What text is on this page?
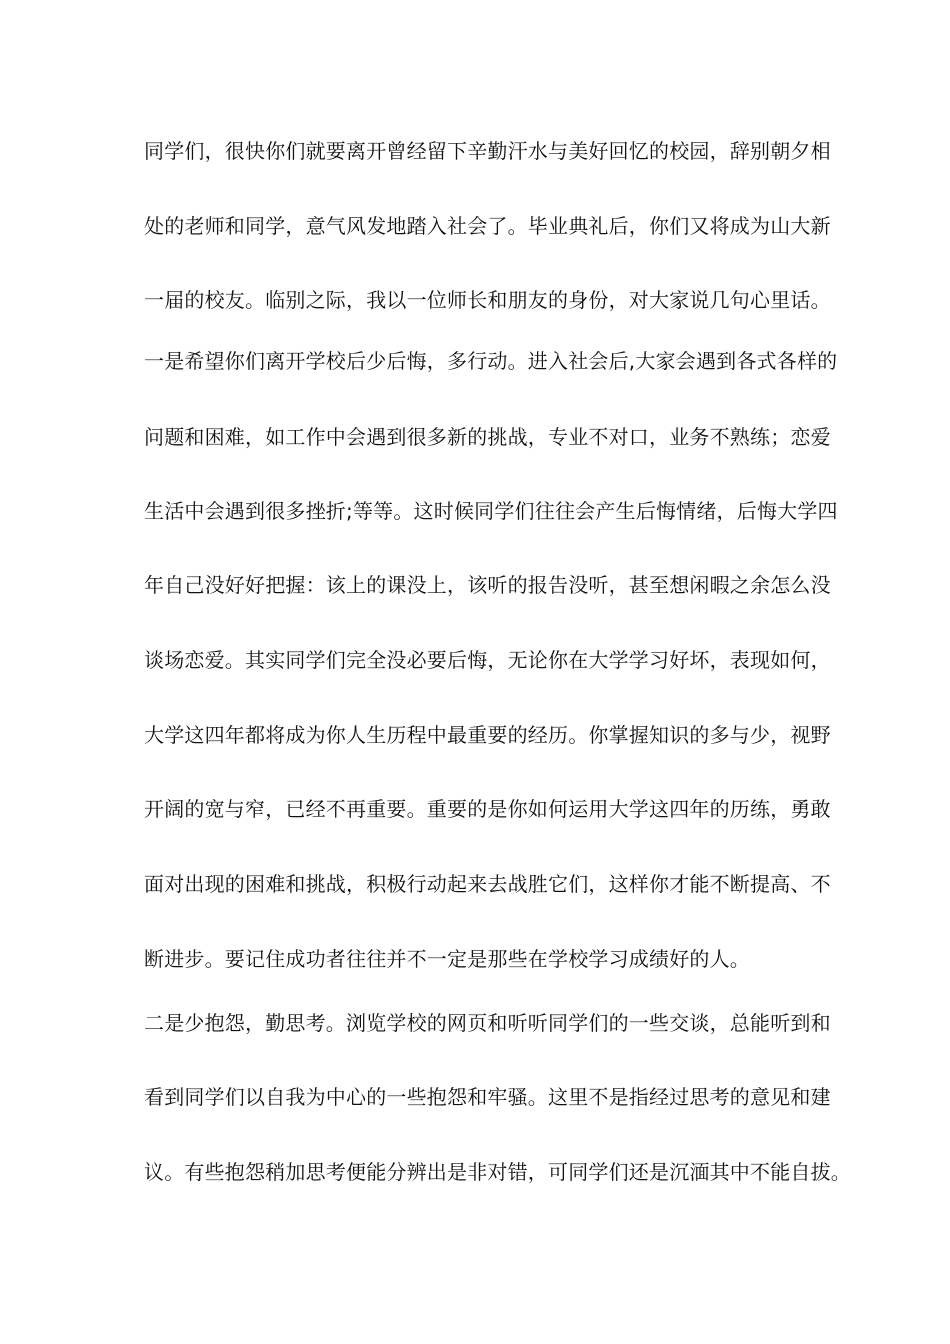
同学们，很快你们就要离开曾经留下辛勤汗水与美好回忆的校园，辞别朝夕相
处的老师和同学，意气风发地踏入社会了。毕业典礼后，你们又将成为山大新
一届的校友。临别之际，我以一位师长和朋友的身份，对大家说几句心里话。
一是希望你们离开学校后少后悔，多行动。进入社会后,大家会遇到各式各样的
问题和困难，如工作中会遇到很多新的挑战，专业不对口，业务不熟练；恋爱
生活中会遇到很多挫折;等等。这时候同学们往往会产生后悔情绪，后悔大学四
年自己没好好把握：该上的课没上，该听的报告没听，甚至想闲暇之余怎么没
谈场恋爱。其实同学们完全没必要后悔，无论你在大学学习好坏，表现如何，
大学这四年都将成为你人生历程中最重要的经历。你掌握知识的多与少，视野
开阔的宽与窄，已经不再重要。重要的是你如何运用大学这四年的历练，勇敢
面对出现的困难和挑战，积极行动起来去战胜它们，这样你才能不断提高、不
断进步。要记住成功者往往并不一定是那些在学校学习成绩好的人。
二是少抱怨，勤思考。浏览学校的网页和听听同学们的一些交谈，总能听到和
看到同学们以自我为中心的一些抱怨和牢骚。这里不是指经过思考的意见和建
议。有些抱怨稍加思考便能分辨出是非对错，可同学们还是沉湎其中不能自拔。
